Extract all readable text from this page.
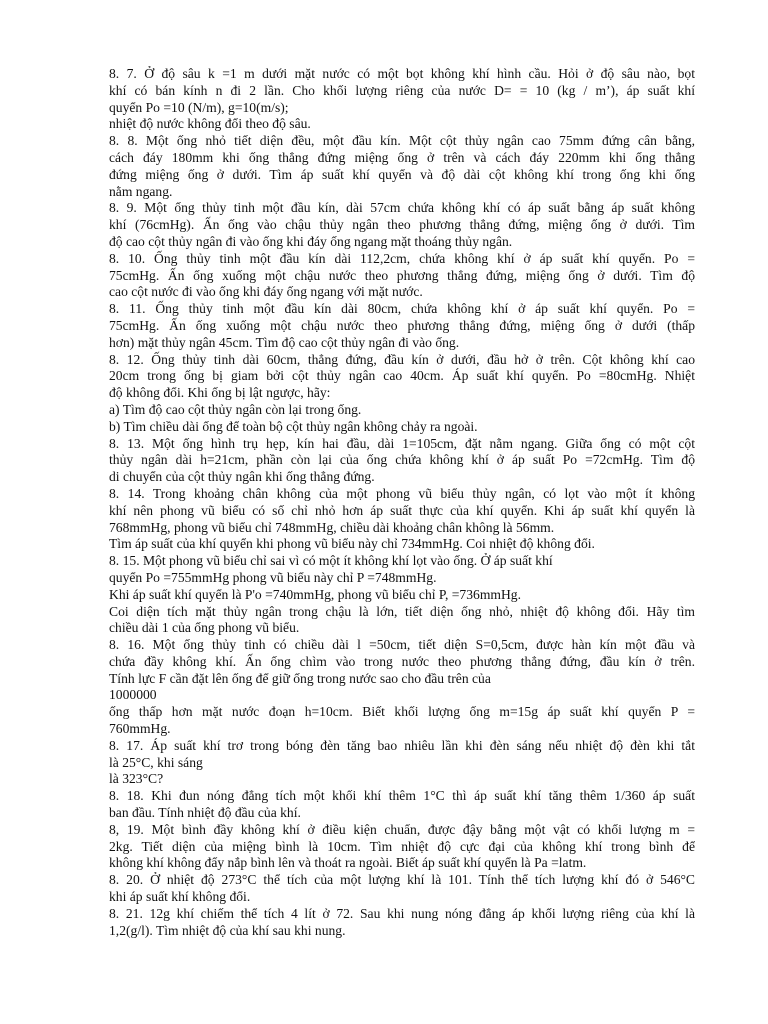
8. 7. Ở độ sâu k =1 m dưới mặt nước có một bọt không khí hình cầu. Hỏi ở độ sâu nào, bọt
khí có bán kính n đi 2 lần. Cho khối lượng riêng của nước D= = 10 (kg / m’), áp suất khí
quyển Po =10 (N/m), g=10(m/s);
nhiệt độ nước không đổi theo độ sâu.
8. 8. Một ống nhỏ tiết diện đều, một đầu kín. Một cột thủy ngân cao 75mm đứng cân bằng,
cách đáy 180mm khi ống thẳng đứng miệng ống ở trên và cách đáy 220mm khi ống thẳng
đứng miệng ống ở dưới. Tìm áp suất khí quyển và độ dài cột không khí trong ống khi ống
nằm ngang.
8. 9. Một ống thủy tinh một đầu kín, dài 57cm chứa không khí có áp suất bằng áp suất không
khí (76cmHg). Ấn ống vào chậu thủy ngân theo phương thẳng đứng, miệng ống ở dưới. Tìm
độ cao cột thủy ngân đi vào ống khi đáy ống ngang mặt thoáng thủy ngân.
8. 10. Ống thủy tinh một đầu kín dài 112,2cm, chứa không khí ở áp suất khí quyển. Po =
75cmHg. Ấn ống xuống một chậu nước theo phương thẳng đứng, miệng ống ở dưới. Tìm độ
cao cột nước đi vào ống khi đáy ống ngang với mặt nước.
8. 11. Ống thủy tinh một đầu kín dài 80cm, chứa không khí ở áp suất khí quyển. Po =
75cmHg. Ấn ống xuống một chậu nước theo phương thẳng đứng, miệng ống ở dưới (thấp
hơn) mặt thủy ngân 45cm. Tìm độ cao cột thủy ngân đi vào ống.
8. 12. Ống thủy tinh dài 60cm, thẳng đứng, đầu kín ở dưới, đầu hở ở trên. Cột không khí cao
20cm trong ống bị giam bởi cột thủy ngân cao 40cm. Áp suất khí quyển. Po =80cmHg. Nhiệt
độ không đổi. Khi ống bị lật ngược, hãy:
a) Tìm độ cao cột thủy ngân còn lại trong ống.
b) Tìm chiều dài ống để toàn bộ cột thủy ngân không chảy ra ngoài.
8. 13. Một ống hình trụ hẹp, kín hai đầu, dài 1=105cm, đặt nằm ngang. Giữa ống có một cột
thủy ngân dài h=21cm, phần còn lại của ống chứa không khí ở áp suất Po =72cmHg. Tìm độ
di chuyển của cột thủy ngân khi ống thẳng đứng.
8. 14. Trong khoảng chân không của một phong vũ biểu thủy ngân, có lọt vào một ít không
khí nên phong vũ biểu có số chỉ nhỏ hơn áp suất thực của khí quyển. Khi áp suất khí quyển là
768mmHg, phong vũ biểu chỉ 748mmHg, chiều dài khoảng chân không là 56mm.
Tìm áp suất của khí quyển khi phong vũ biểu này chỉ 734mmHg. Coi nhiệt độ không đổi.
8. 15. Một phong vũ biểu chỉ sai vì có một ít không khí lọt vào ống. Ở áp suất khí
quyển Po =755mmHg phong vũ biểu này chỉ P =748mmHg.
Khi áp suất khí quyển là P'o =740mmHg, phong vũ biểu chỉ P, =736mmHg.
Coi diện tích mặt thủy ngân trong chậu là lớn, tiết diện ống nhỏ, nhiệt độ không đổi. Hãy tìm
chiều dài 1 của ống phong vũ biểu.
8. 16. Một ống thủy tinh có chiều dài l =50cm, tiết diện S=0,5cm, được hàn kín một đầu và
chứa đầy không khí. Ấn ống chìm vào trong nước theo phương thẳng đứng, đầu kín ở trên.
Tính lực F cần đặt lên ống để giữ ống trong nước sao cho đầu trên của
1000000
ống thấp hơn mặt nước đoạn h=10cm. Biết khối lượng ống m=15g áp suất khí quyển P =
760mmHg.
8. 17. Áp suất khí trơ trong bóng đèn tăng bao nhiêu lần khi đèn sáng nếu nhiệt độ đèn khi tắt
là 25°C, khi sáng
là 323°C?
8. 18. Khi đun nóng đẳng tích một khối khí thêm 1°C thì áp suất khí tăng thêm 1/360 áp suất
ban đầu. Tính nhiệt độ đầu của khí.
8, 19. Một bình đầy không khí ở điều kiện chuẩn, được đậy bằng một vật có khối lượng m =
2kg. Tiết diện của miệng bình là 10cm. Tìm nhiệt độ cực đại của không khí trong bình để
không khí không đẩy nắp bình lên và thoát ra ngoài. Biết áp suất khí quyển là Pa =latm.
8. 20. Ở nhiệt độ 273°C thể tích của một lượng khí là 101. Tính thể tích lượng khí đó ở 546°C
khi áp suất khí không đổi.
8. 21. 12g khí chiếm thể tích 4 lít ở 72. Sau khi nung nóng đẳng áp khối lượng riêng của khí là
1,2(g/l). Tìm nhiệt độ của khí sau khi nung.
